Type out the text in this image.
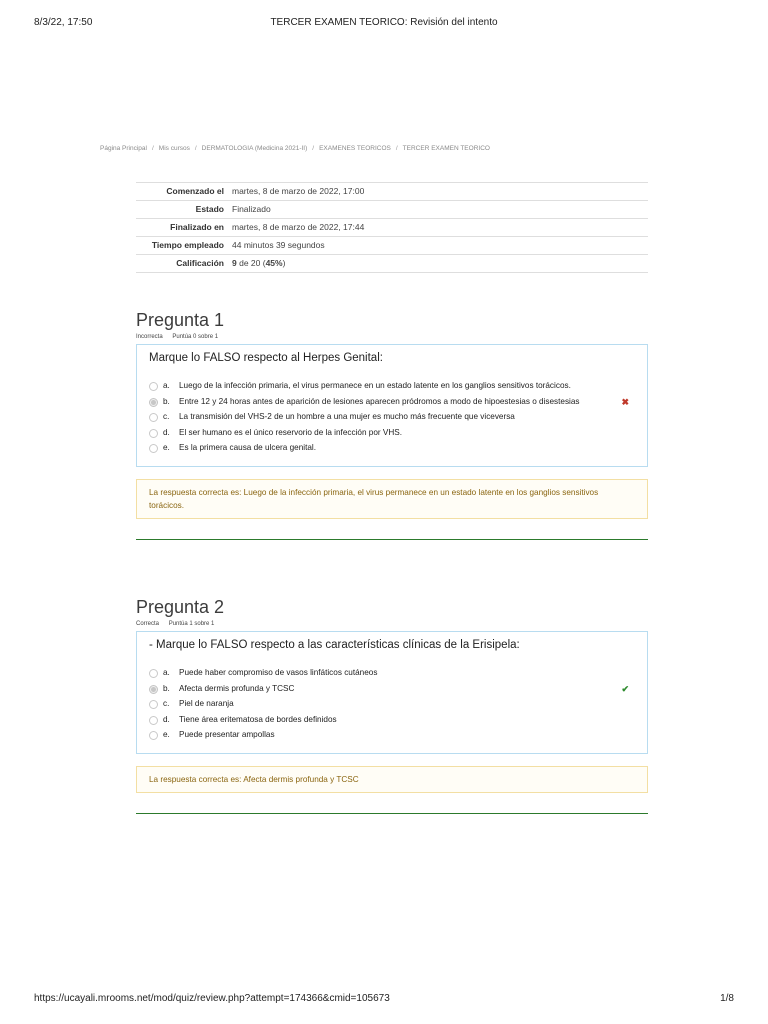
8/3/22, 17:50	TERCER EXAMEN TEORICO: Revisión del intento
Página Principal / Mis cursos / DERMATOLOGIA (Medicina 2021-II) / EXAMENES TEORICOS / TERCER EXAMEN TEORICO
Comenzado el	martes, 8 de marzo de 2022, 17:00
Estado	Finalizado
Finalizado en	martes, 8 de marzo de 2022, 17:44
Tiempo empleado	44 minutos 39 segundos
Calificación	9 de 20 (45%)
Pregunta 1
Incorrecta Puntúa 0 sobre 1
Marque lo FALSO respecto al Herpes Genital:
a.	Luego de la infección primaria, el virus permanece en un estado latente en los ganglios sensitivos torácicos.
b.	Entre 12 y 24 horas antes de aparición de lesiones aparecen pródromos a modo de hipoestesias o disestesias	✖
c.	La transmisión del VHS-2 de un hombre a una mujer es mucho más frecuente que viceversa
d.	El ser humano es el único reservorio de la infección por VHS.
e.	Es la primera causa de ulcera genital.
La respuesta correcta es: Luego de la infección primaria, el virus permanece en un estado latente en los ganglios sensitivos torácicos.
Pregunta 2
Correcta Puntúa 1 sobre 1
- Marque lo FALSO respecto a las características clínicas de la Erisipela:
a.	Puede haber compromiso de vasos linfáticos cutáneos
b.	Afecta dermis profunda y TCSC	✔
c.	Piel de naranja
d.	Tiene área eritematosa de bordes definidos
e.	Puede presentar ampollas
La respuesta correcta es: Afecta dermis profunda y TCSC
https://ucayali.mrooms.net/mod/quiz/review.php?attempt=174366&cmid=105673	1/8
